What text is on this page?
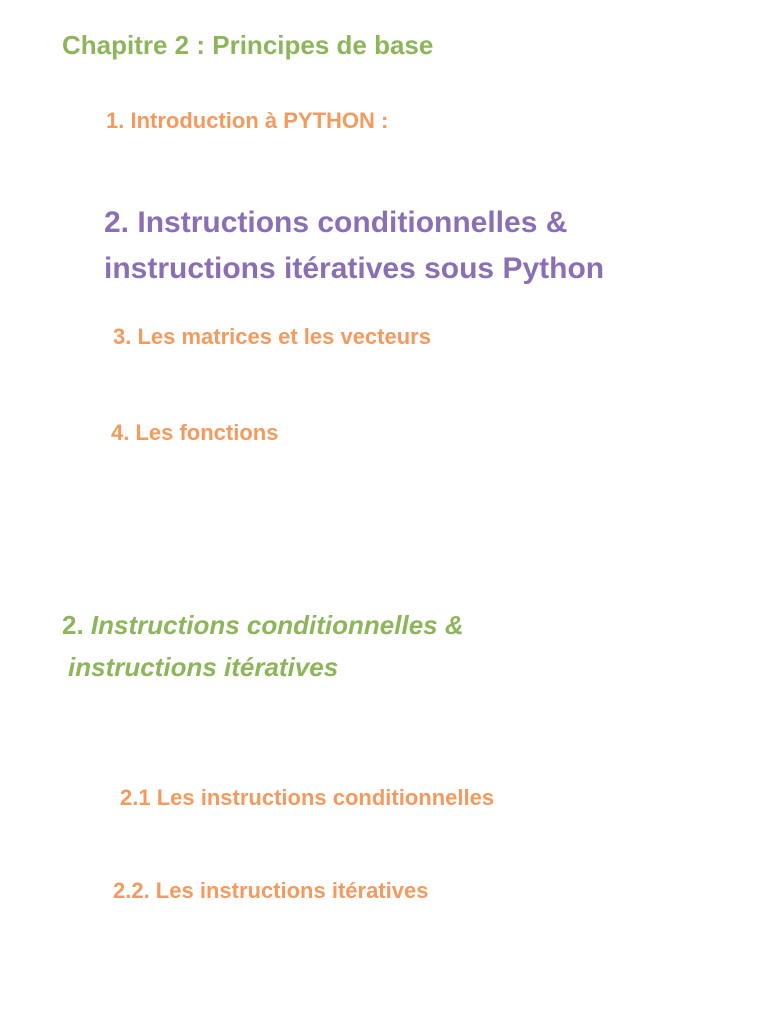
Chapitre 2 : Principes de base

1. Introduction à PYTHON :

2. Instructions conditionnelles &
instructions itératives sous Python

3. Les matrices et les vecteurs

4. Les fonctions

2. Instructions conditionnelles &
instructions itératives

2.1 Les instructions conditionnelles

2.2. Les instructions itératives
